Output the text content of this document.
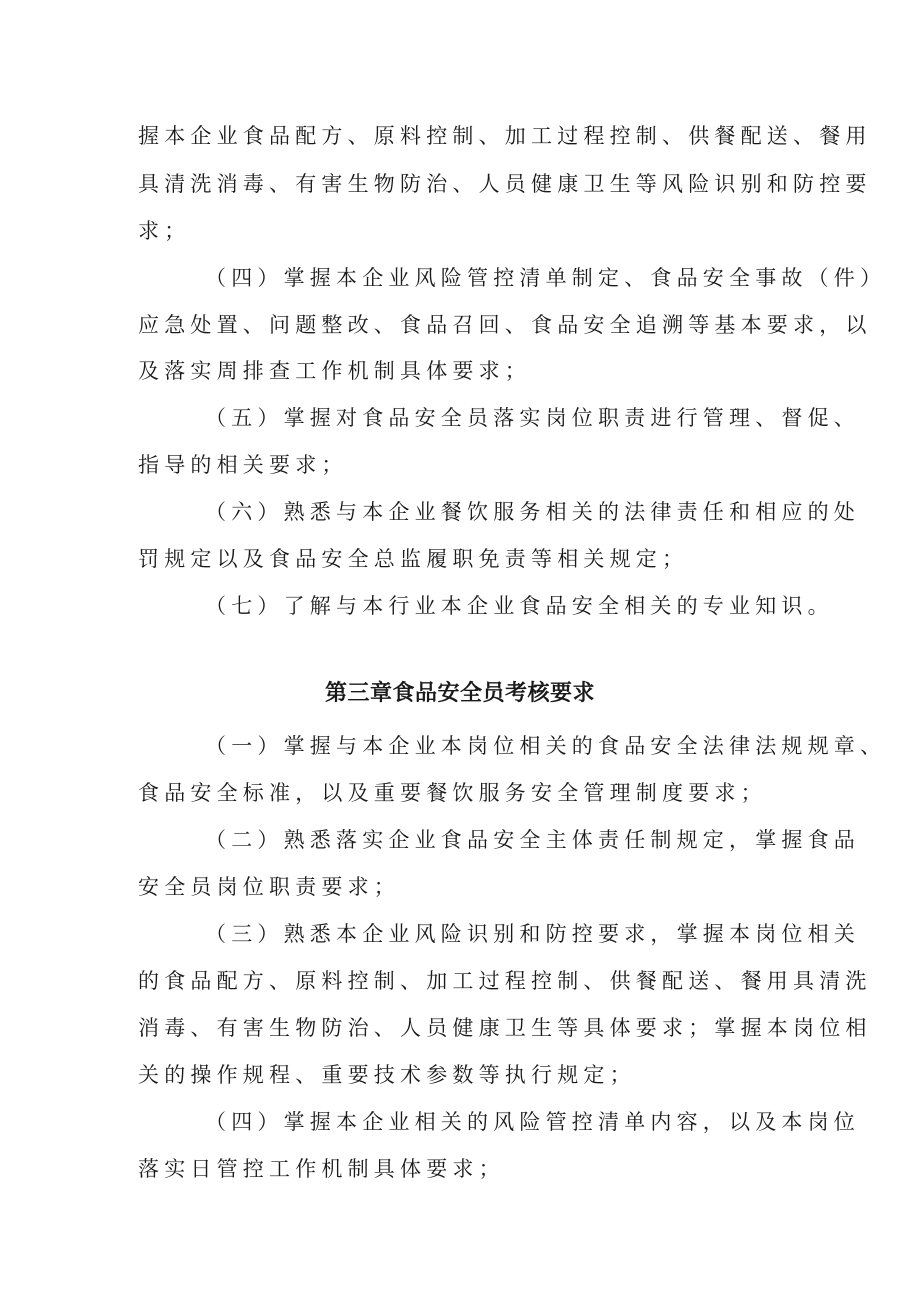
握本企业食品配方、原料控制、加工过程控制、供餐配送、餐用
具清洗消毒、有害生物防治、人员健康卫生等风险识别和防控要
求；
（四）掌握本企业风险管控清单制定、食品安全事故（件）
应急处置、问题整改、食品召回、食品安全追溯等基本要求，以
及落实周排查工作机制具体要求；
（五）掌握对食品安全员落实岗位职责进行管理、督促、
指导的相关要求；
（六）熟悉与本企业餐饮服务相关的法律责任和相应的处
罚规定以及食品安全总监履职免责等相关规定；
（七）了解与本行业本企业食品安全相关的专业知识。
第三章食品安全员考核要求
（一）掌握与本企业本岗位相关的食品安全法律法规规章、
食品安全标准，以及重要餐饮服务安全管理制度要求；
（二）熟悉落实企业食品安全主体责任制规定，掌握食品
安全员岗位职责要求；
（三）熟悉本企业风险识别和防控要求，掌握本岗位相关
的食品配方、原料控制、加工过程控制、供餐配送、餐用具清洗
消毒、有害生物防治、人员健康卫生等具体要求；掌握本岗位相
关的操作规程、重要技术参数等执行规定；
（四）掌握本企业相关的风险管控清单内容，以及本岗位
落实日管控工作机制具体要求；
